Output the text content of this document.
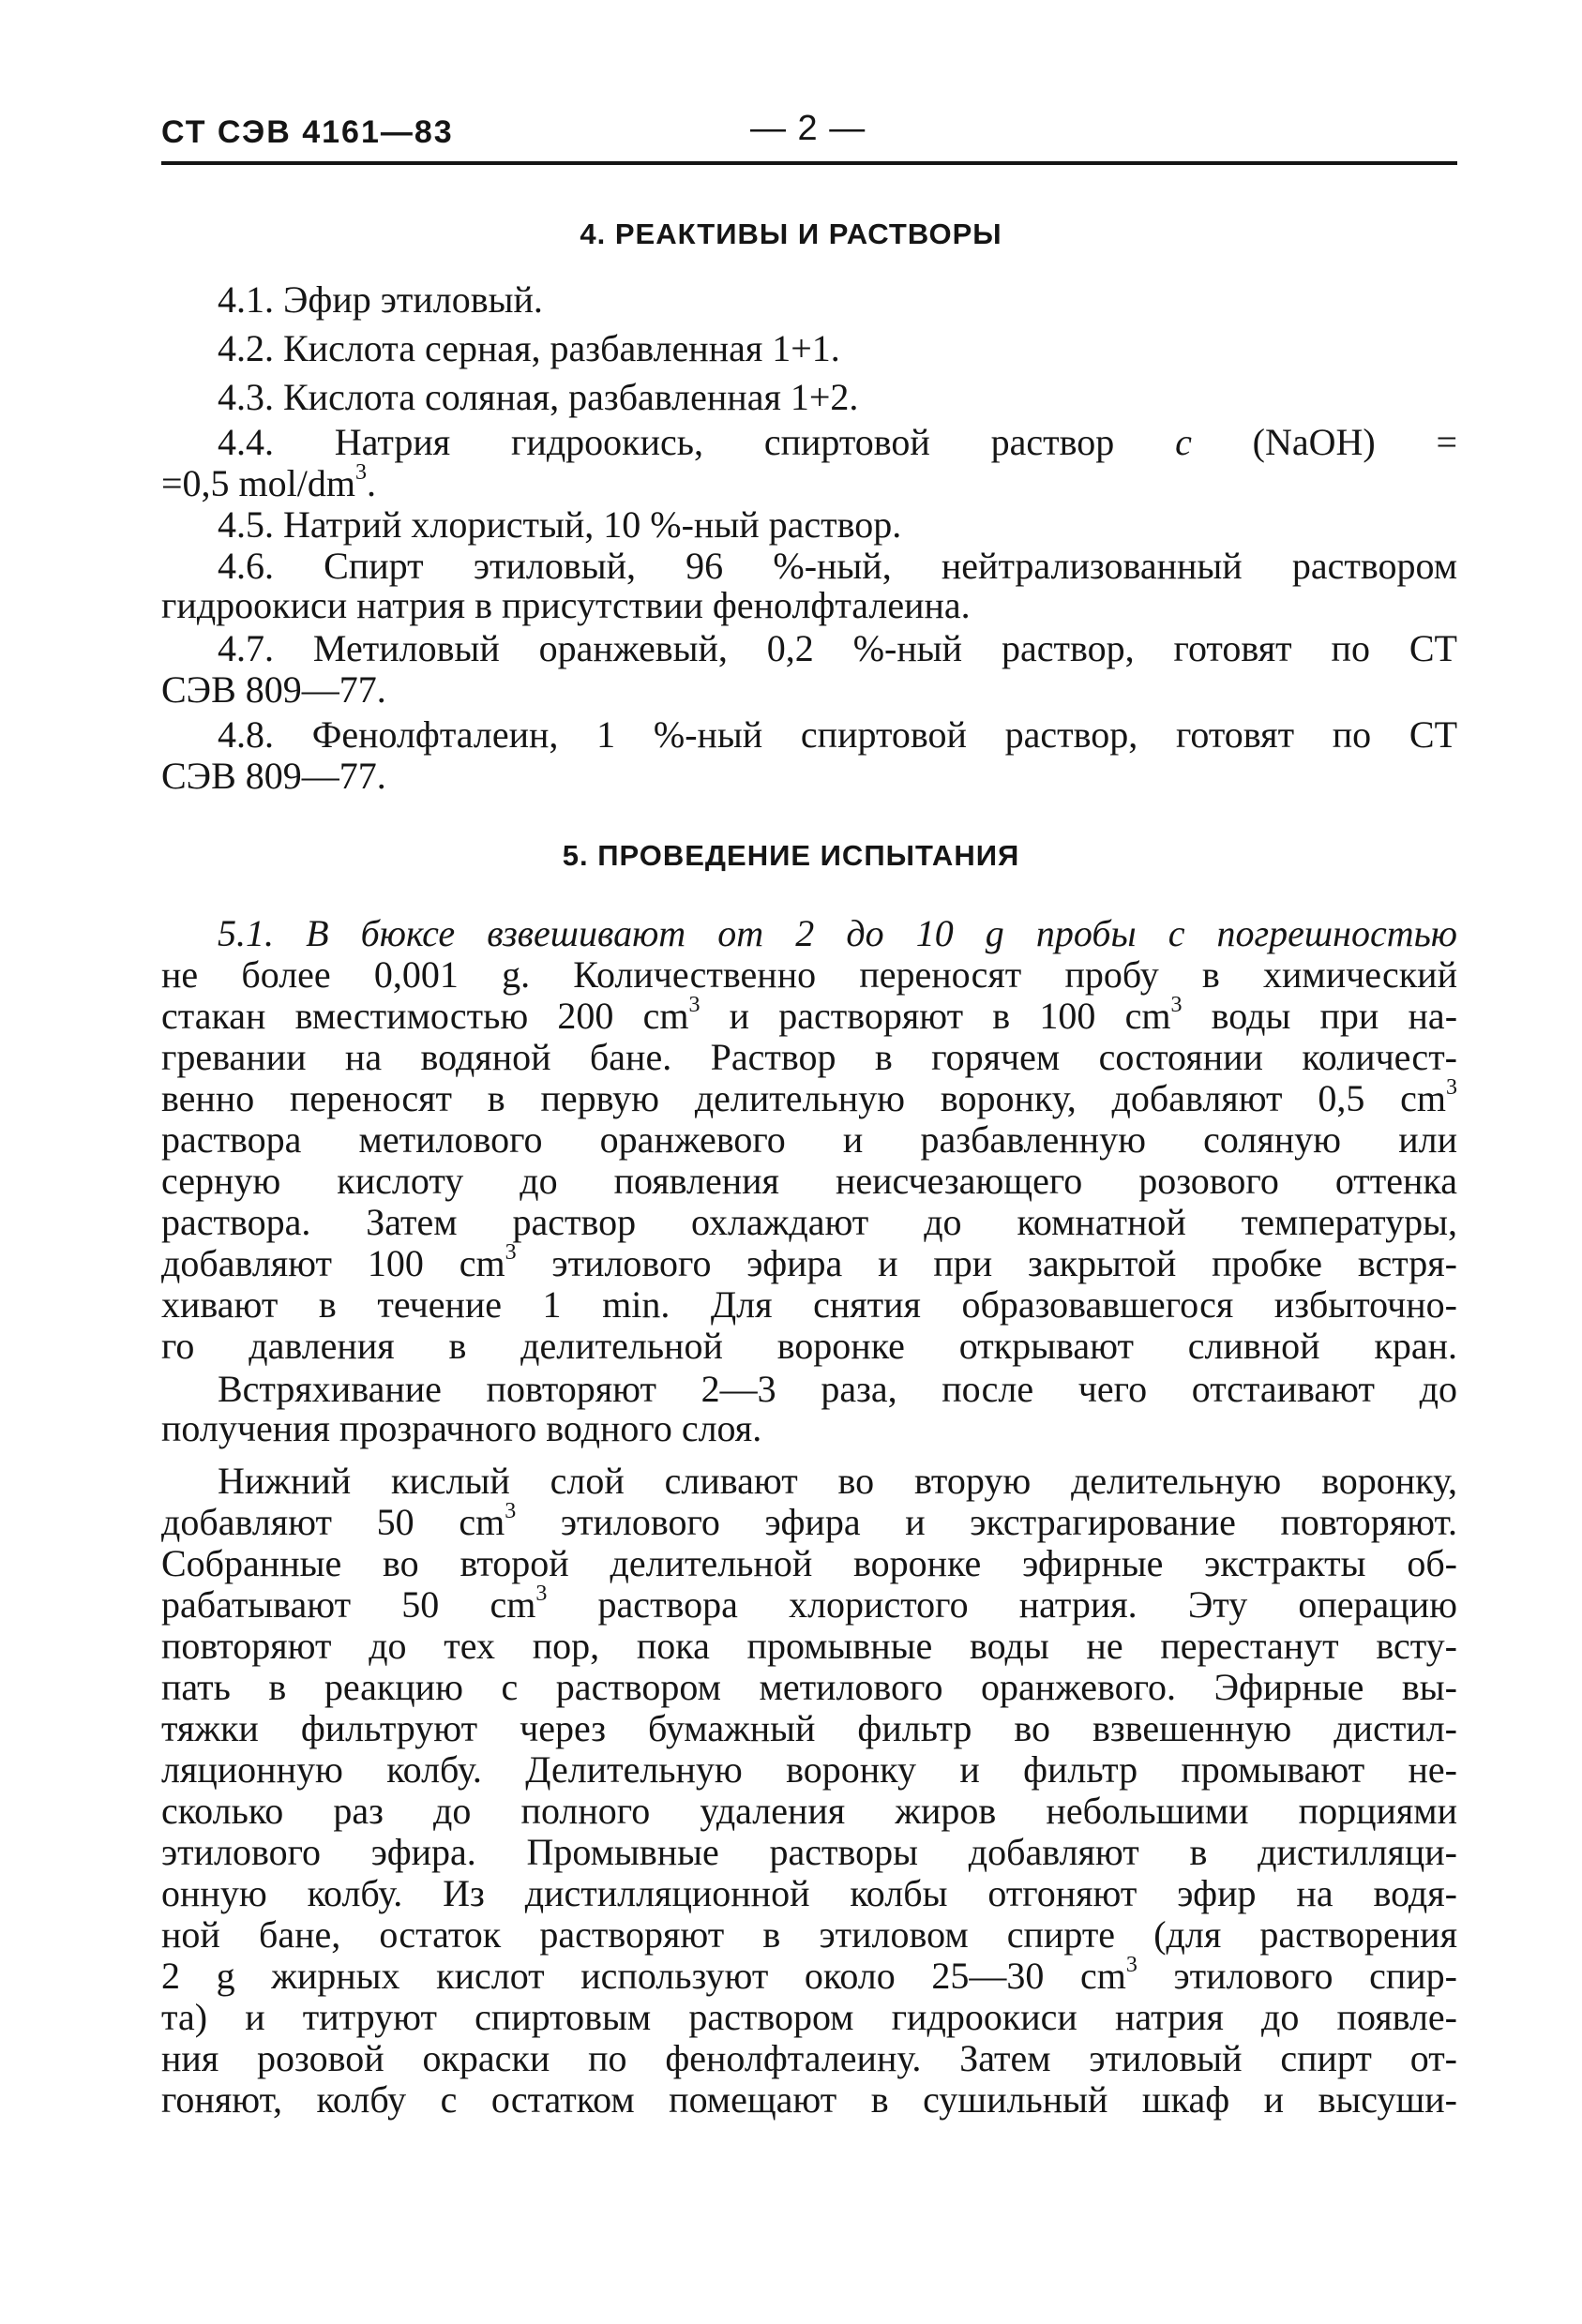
СТ СЭВ 4161—83	— 2 —
4. РЕАКТИВЫ И РАСТВОРЫ
4.1. Эфир этиловый.
4.2. Кислота серная, разбавленная 1+1.
4.3. Кислота соляная, разбавленная 1+2.
4.4. Натрия гидроокись, спиртовой раствор c (NaOH) =
=0,5 mol/$dm^3$.
4.5. Натрий хлористый, 10 %-ный раствор.
4.6. Спирт этиловый, 96 %-ный, нейтрализованный раствором
гидроокиси натрия в присутствии фенолфталеина.
4.7. Метиловый оранжевый, 0,2 %-ный раствор, готовят по СТ
СЭВ 809—77.
4.8. Фенолфталеин, 1 %-ный спиртовой раствор, готовят по СТ
СЭВ 809—77.
5. ПРОВЕДЕНИЕ ИСПЫТАНИЯ
5.1. В бюксе взвешивают от 2 до 10 g пробы с погрешностью
не более 0,001 g. Количественно переносят пробу в химический
стакан вместимостью 200 $cm^3$ и растворяют в 100 $cm^3$ воды при на-
гревании на водяной бане. Раствор в горячем состоянии количест-
венно переносят в первую делительную воронку, добавляют 0,5 $cm^3$
раствора метилового оранжевого и разбавленную соляную или
серную кислоту до появления неисчезающего розового оттенка
раствора. Затем раствор охлаждают до комнатной температуры,
добавляют 100 $cm^3$ этилового эфира и при закрытой пробке встря-
хивают в течение 1 min. Для снятия образовавшегося избыточно-
го давления в делительной воронке открывают сливной кран.
Встряхивание повторяют 2—3 раза, после чего отстаивают до
получения прозрачного водного слоя.
Нижний кислый слой сливают во вторую делительную воронку,
добавляют 50 $cm^3$ этилового эфира и экстрагирование повторяют.
Собранные во второй делительной воронке эфирные экстракты об-
рабатывают 50 $cm^3$ раствора хлористого натрия. Эту операцию
повторяют до тех пор, пока промывные воды не перестанут всту-
пать в реакцию с раствором метилового оранжевого. Эфирные вы-
тяжки фильтруют через бумажный фильтр во взвешенную дистил-
ляционную колбу. Делительную воронку и фильтр промывают не-
сколько раз до полного удаления жиров небольшими порциями
этилового эфира. Промывные растворы добавляют в дистилляци-
онную колбу. Из дистилляционной колбы отгоняют эфир на водя-
ной бане, остаток растворяют в этиловом спирте (для растворения
2 g жирных кислот используют около 25—30 $cm^3$ этилового спир-
та) и титруют спиртовым раствором гидроокиси натрия до появле-
ния розовой окраски по фенолфталеину. Затем этиловый спирт от-
гоняют, колбу с остатком помещают в сушильный шкаф и высуши-
